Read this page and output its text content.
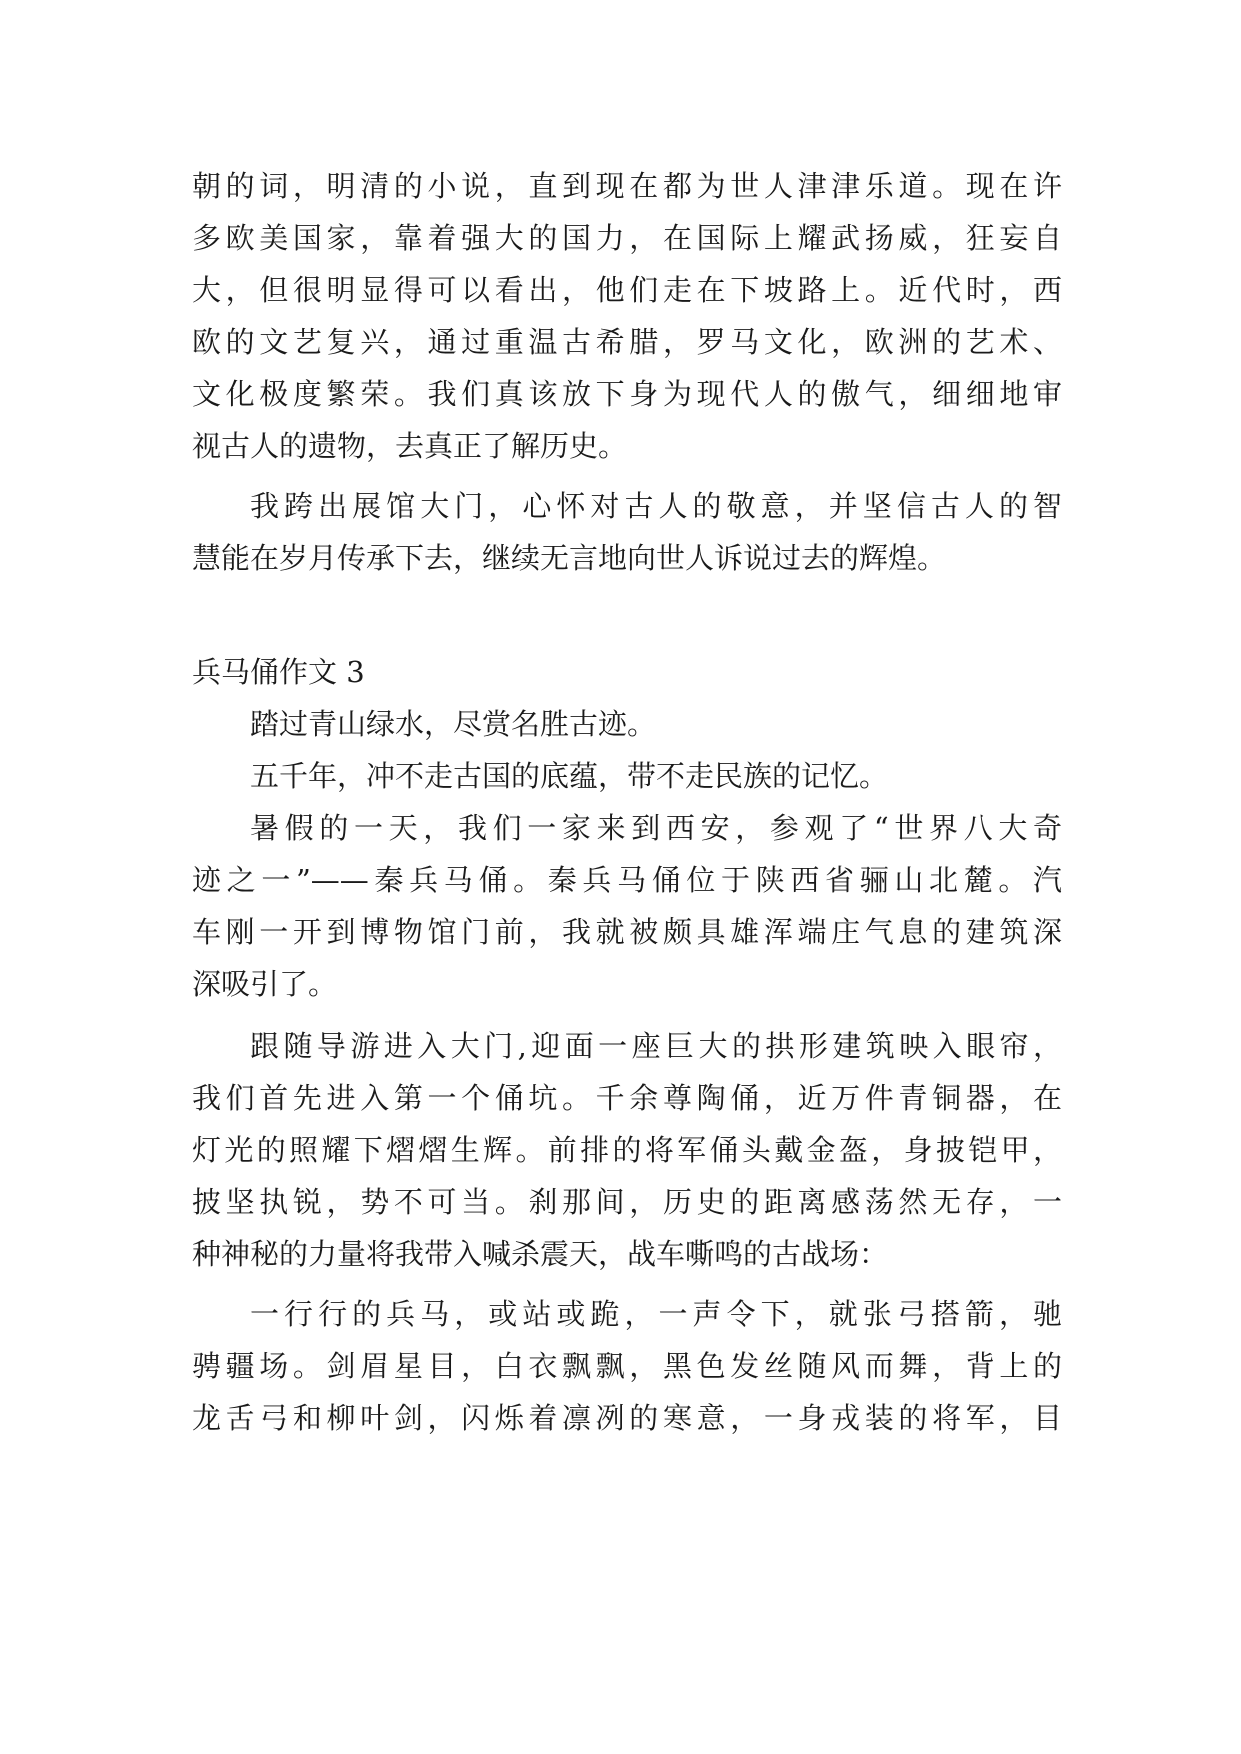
朝的词，明清的小说，直到现在都为世人津津乐道。现在许
多欧美国家，靠着强大的国力，在国际上耀武扬威，狂妄自
大，但很明显得可以看出，他们走在下坡路上。近代时，西
欧的文艺复兴，通过重温古希腊，罗马文化，欧洲的艺术、
文化极度繁荣。我们真该放下身为现代人的傲气，细细地审
视古人的遗物，去真正了解历史。
我跨出展馆大门，心怀对古人的敬意，并坚信古人的智
慧能在岁月传承下去，继续无言地向世人诉说过去的辉煌。
兵马俑作文 3
踏过青山绿水，尽赏名胜古迹。
五千年，冲不走古国的底蕴，带不走民族的记忆。
暑假的一天，我们一家来到西安，参观了“世界八大奇
迹之一”——秦兵马俑。秦兵马俑位于陕西省骊山北麓。汽
车刚一开到博物馆门前，我就被颇具雄浑端庄气息的建筑深
深吸引了。
跟随导游进入大门,迎面一座巨大的拱形建筑映入眼帘，
我们首先进入第一个俑坑。千余尊陶俑，近万件青铜器，在
灯光的照耀下熠熠生辉。前排的将军俑头戴金盔，身披铠甲，
披坚执锐，势不可当。刹那间，历史的距离感荡然无存，一
种神秘的力量将我带入喊杀震天，战车嘶鸣的古战场：
一行行的兵马，或站或跪，一声令下，就张弓搭箭，驰
骋疆场。剑眉星目，白衣飘飘，黑色发丝随风而舞，背上的
龙舌弓和柳叶剑，闪烁着凛冽的寒意，一身戎装的将军，目
